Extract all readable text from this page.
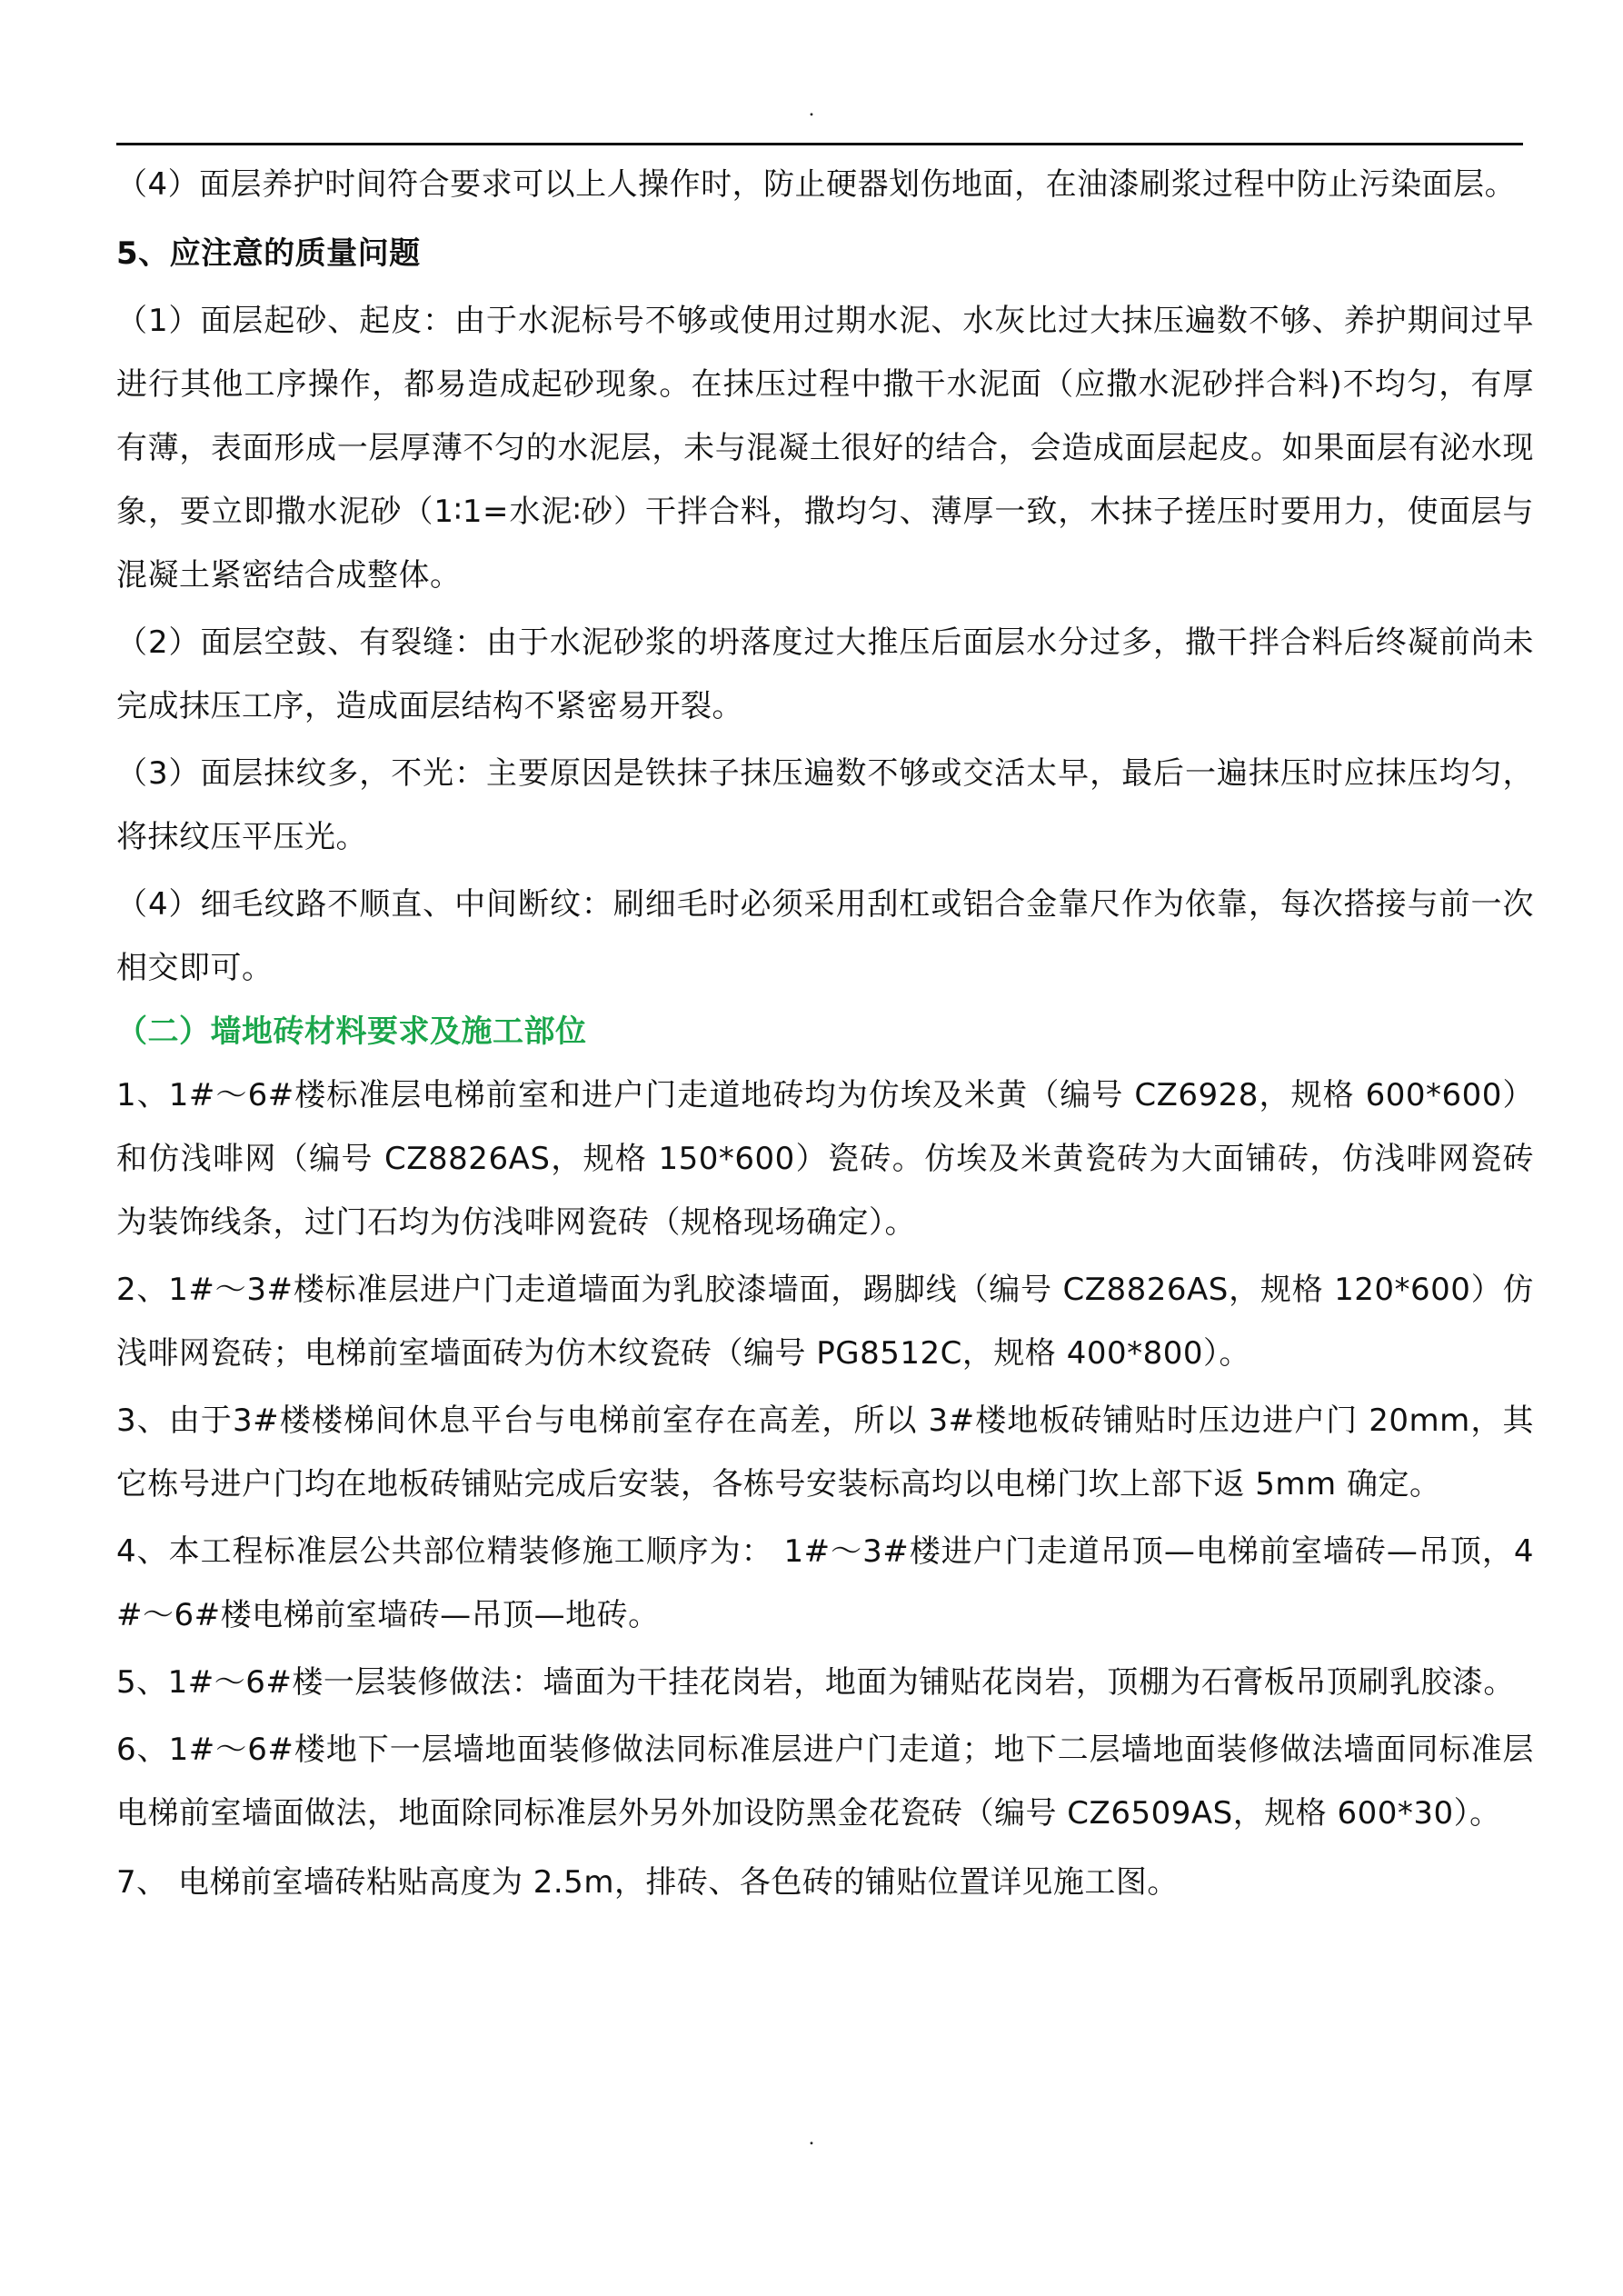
.

（4）面层养护时间符合要求可以上人操作时，防止硬器划伤地面，在油漆刷浆过程中防止污染面层。

5、应注意的质量问题

（1）面层起砂、起皮：由于水泥标号不够或使用过期水泥、水灰比过大抹压遍数不够、养护期间过早进行其他工序操作，都易造成起砂现象。在抹压过程中撒干水泥面（应撒水泥砂拌合料)不均匀，有厚有薄，表面形成一层厚薄不匀的水泥层，未与混凝土很好的结合，会造成面层起皮。如果面层有泌水现象，要立即撒水泥砂（1∶1=水泥∶砂）干拌合料，撒均匀、薄厚一致，木抹子搓压时要用力，使面层与混凝土紧密结合成整体。

（2）面层空鼓、有裂缝：由于水泥砂浆的坍落度过大推压后面层水分过多，撒干拌合料后终凝前尚未完成抹压工序，造成面层结构不紧密易开裂。

（3）面层抹纹多，不光：主要原因是铁抹子抹压遍数不够或交活太早，最后一遍抹压时应抹压均匀，将抹纹压平压光。

（4）细毛纹路不顺直、中间断纹：刷细毛时必须采用刮杠或铝合金靠尺作为依靠，每次搭接与前一次相交即可。

（二）墙地砖材料要求及施工部位

1、1#～6#楼标准层电梯前室和进户门走道地砖均为仿埃及米黄（编号 CZ6928，规格 600*600）和仿浅啡网（编号 CZ8826AS，规格 150*600）瓷砖。仿埃及米黄瓷砖为大面铺砖，仿浅啡网瓷砖为装饰线条，过门石均为仿浅啡网瓷砖（规格现场确定）。

2、1#～3#楼标准层进户门走道墙面为乳胶漆墙面，踢脚线（编号 CZ8826AS，规格 120*600）仿浅啡网瓷砖；电梯前室墙面砖为仿木纹瓷砖（编号 PG8512C，规格 400*800）。

3、由于3#楼楼梯间休息平台与电梯前室存在高差，所以 3#楼地板砖铺贴时压边进户门 20mm，其它栋号进户门均在地板砖铺贴完成后安装，各栋号安装标高均以电梯门坎上部下返 5mm 确定。

4、本工程标准层公共部位精装修施工顺序为： 1#～3#楼进户门走道吊顶—电梯前室墙砖—吊顶，4#～6#楼电梯前室墙砖—吊顶—地砖。

5、1#～6#楼一层装修做法：墙面为干挂花岗岩，地面为铺贴花岗岩，顶棚为石膏板吊顶刷乳胶漆。

6、1#～6#楼地下一层墙地面装修做法同标准层进户门走道；地下二层墙地面装修做法墙面同标准层电梯前室墙面做法，地面除同标准层外另外加设防黑金花瓷砖（编号 CZ6509AS，规格 600*30）。

7、 电梯前室墙砖粘贴高度为 2.5m，排砖、各色砖的铺贴位置详见施工图。

.
